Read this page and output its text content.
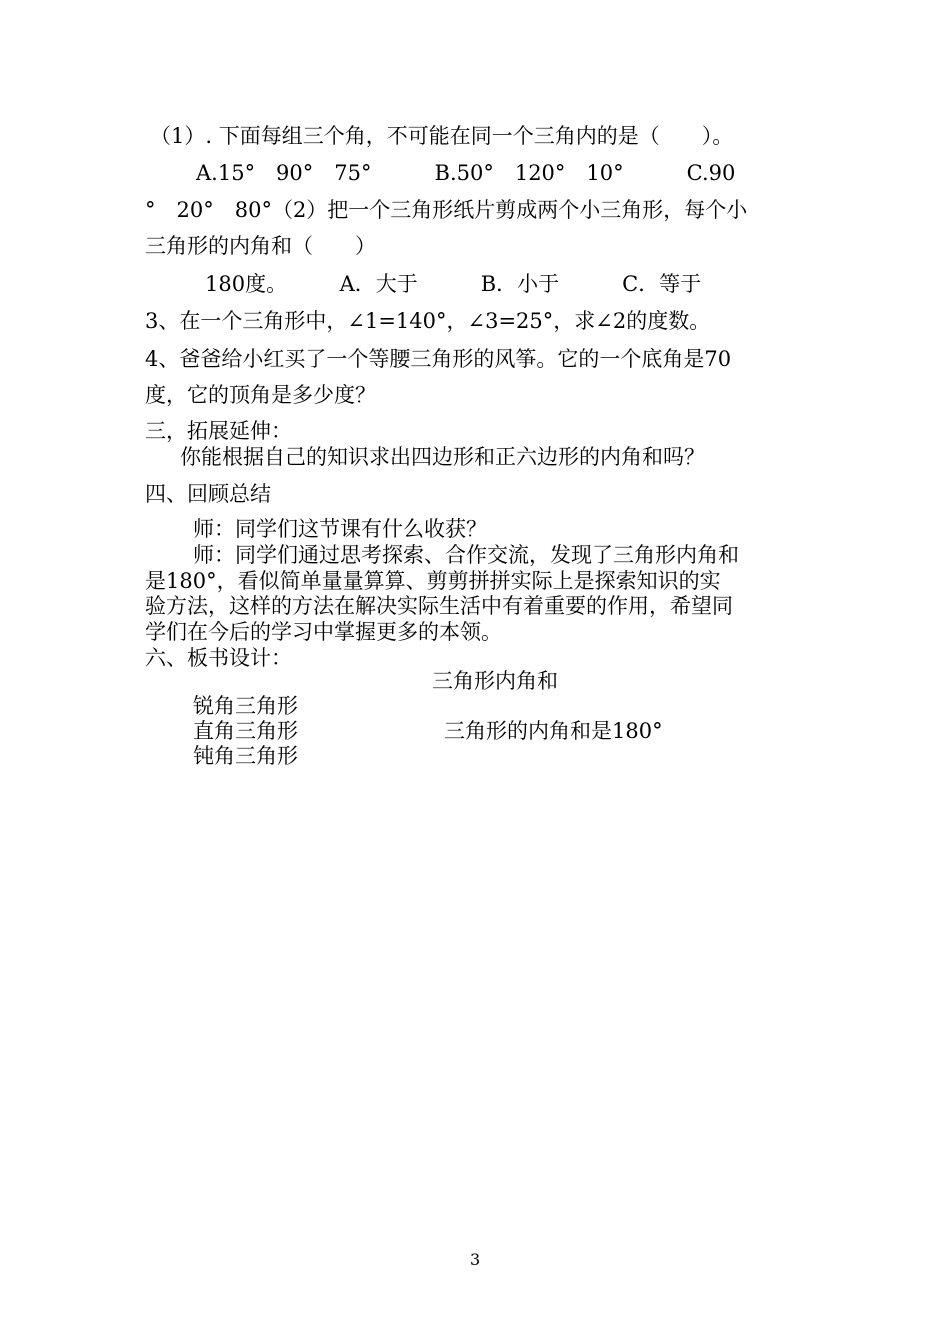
（1）. 下面每组三个角，不可能在同一个三角内的是（　　）。
A.15°　90°　75°　　　B.50°　120°　10°　　　C.90
°　20°　80°（2）把一个三角形纸片剪成两个小三角形，每个小
三角形的内角和（　　）
180度。　　　A．大于　　　B．小于　　　C．等于
3、在一个三角形中，∠1=140°，∠3=25°，求∠2的度数。
4、爸爸给小红买了一个等腰三角形的风筝。它的一个底角是70
度，它的顶角是多少度？
三，拓展延伸：
你能根据自己的知识求出四边形和正六边形的内角和吗？
四、回顾总结
师：同学们这节课有什么收获？
师：同学们通过思考探索、合作交流，发现了三角形内角和
是180°，看似简单量量算算、剪剪拼拼实际上是探索知识的实
验方法，这样的方法在解决实际生活中有着重要的作用，希望同
学们在今后的学习中掌握更多的本领。
六、板书设计：
三角形内角和
锐角三角形
直角三角形	三角形的内角和是180°
钝角三角形
3
